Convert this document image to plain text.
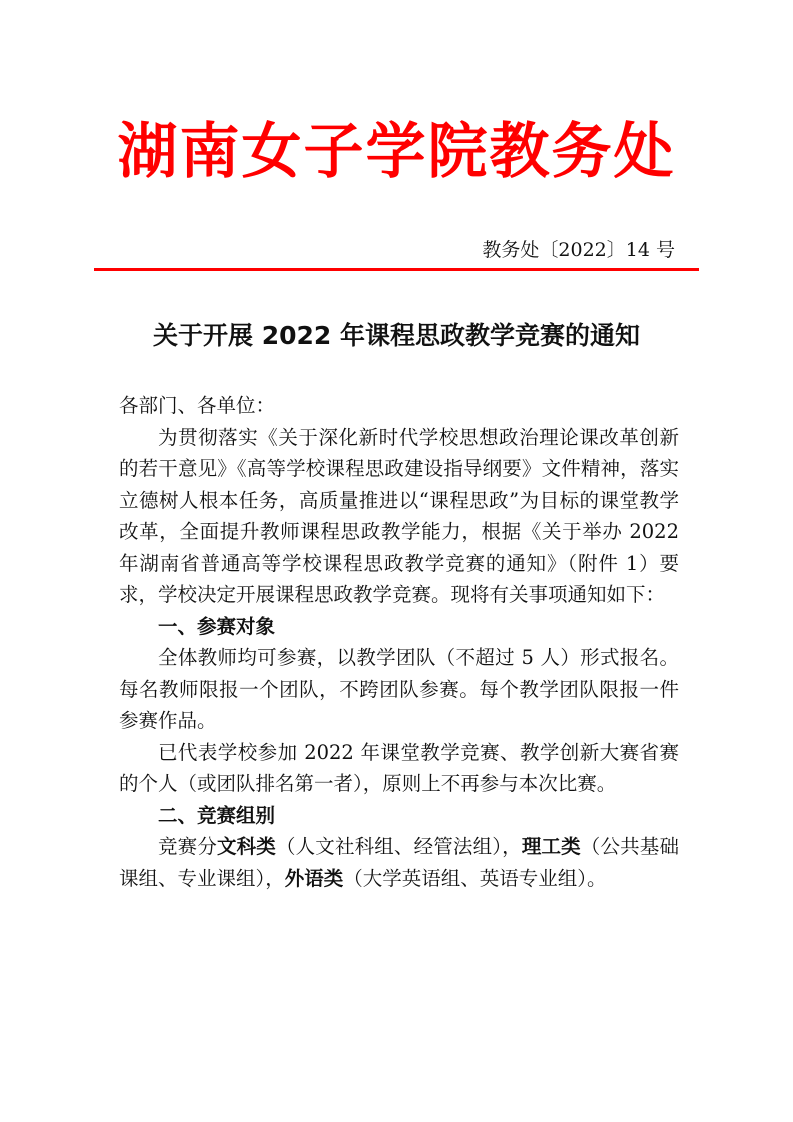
湖南女子学院教务处
教务处〔2022〕14 号
关于开展 2022 年课程思政教学竞赛的通知

各部门、各单位：

为贯彻落实《关于深化新时代学校思想政治理论课改革创新的若干意见》《高等学校课程思政建设指导纲要》文件精神，落实立德树人根本任务，高质量推进以“课程思政”为目标的课堂教学改革，全面提升教师课程思政教学能力，根据《关于举办 2022 年湖南省普通高等学校课程思政教学竞赛的通知》（附件 1）要求，学校决定开展课程思政教学竞赛。现将有关事项通知如下：

一、参赛对象

全体教师均可参赛，以教学团队（不超过 5 人）形式报名。每名教师限报一个团队，不跨团队参赛。每个教学团队限报一件参赛作品。

已代表学校参加 2022 年课堂教学竞赛、教学创新大赛省赛的个人（或团队排名第一者），原则上不再参与本次比赛。

二、竞赛组别

竞赛分文科类（人文社科组、经管法组），理工类（公共基础课组、专业课组），外语类（大学英语组、英语专业组）。
